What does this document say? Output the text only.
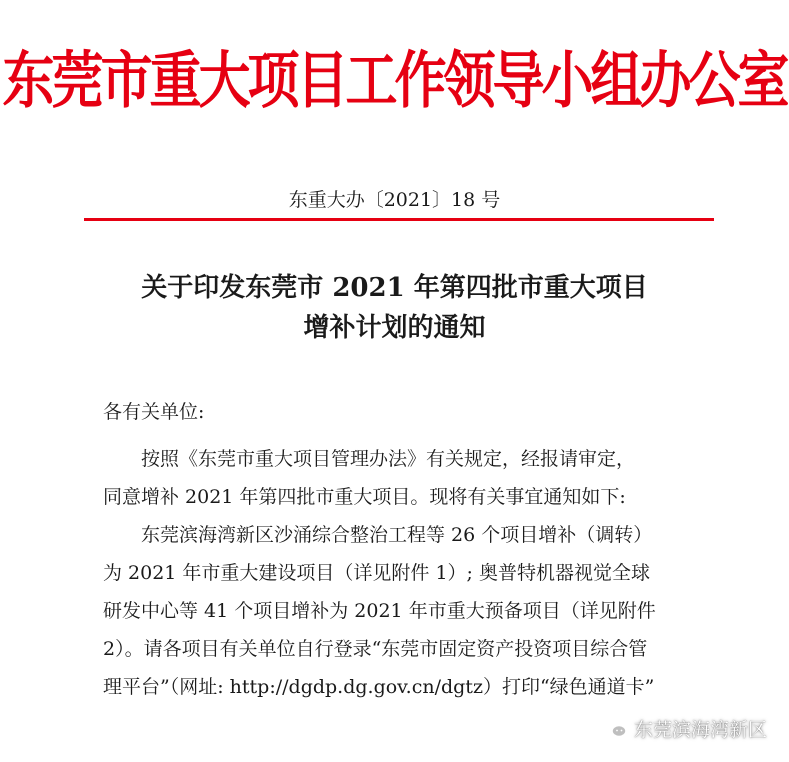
东莞市重大项目工作领导小组办公室
东重大办〔2021〕18 号
关于印发东莞市 2021 年第四批市重大项目
增补计划的通知
各有关单位:
按照《东莞市重大项目管理办法》有关规定，经报请审定，
同意增补 2021 年第四批市重大项目。现将有关事宜通知如下:
东莞滨海湾新区沙涌综合整治工程等 26 个项目增补（调转）
为 2021 年市重大建设项目（详见附件 1）; 奥普特机器视觉全球
研发中心等 41 个项目增补为 2021 年市重大预备项目（详见附件
2）。请各项目有关单位自行登录“东莞市固定资产投资项目综合管
理平台”（网址: http://dgdp.dg.gov.cn/dgtz）打印“绿色通道卡”
东莞滨海湾新区
